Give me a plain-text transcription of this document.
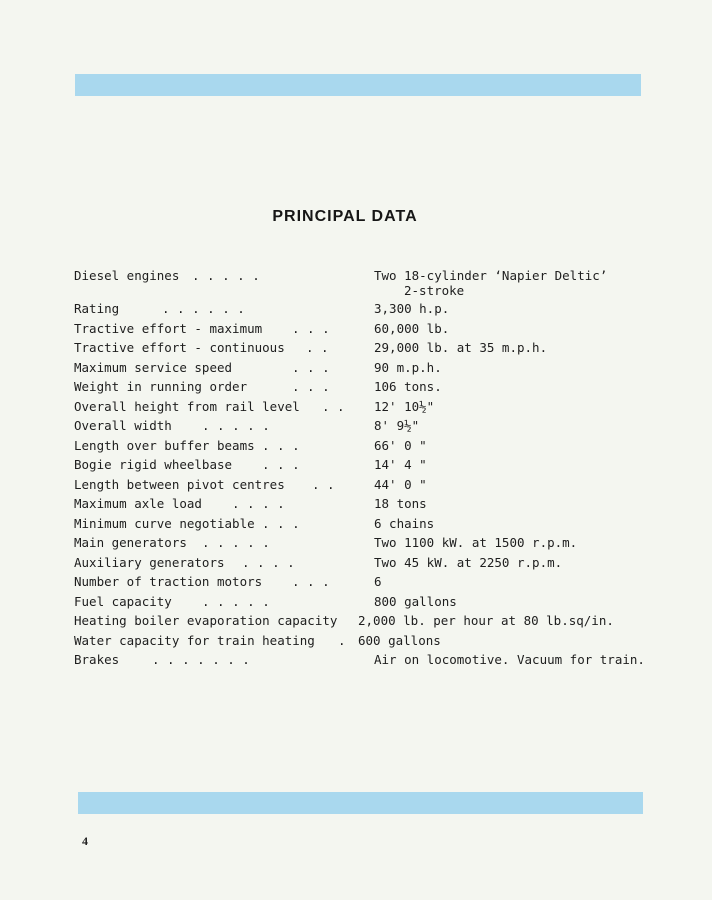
PRINCIPAL DATA
Diesel engines . . . . .	Two 18-cylinder ‘Napier Deltic’
2-stroke
Rating	. . . . . .	3,300 h.p.
Tractive effort - maximum . . .	60,000 lb.
Tractive effort - continuous . .	29,000 lb. at 35 m.p.h.
Maximum service speed	. . .	90 m.p.h.
Weight in running order	. . .	106 tons.
Overall height from rail level . . 12' 10½"
Overall width . . . . .	8' 9½"
Length over buffer beams . . .	66' 0 "
Bogie rigid wheelbase . . .	14' 4 "
Length between pivot centres . .	44' 0 "
Maximum axle load . . . .	18 tons
Minimum curve negotiable . . .	6 chains
Main generators . . . . .	Two 1100 kW. at 1500 r.p.m.
Auxiliary generators . . . .	Two 45 kW. at 2250 r.p.m.
Number of traction motors . . .	6
Fuel capacity . . . . .	800 gallons
Heating boiler evaporation capacity 2,000 lb. per hour at 80 lb.sq/in.
Water capacity for train heating . 600 gallons
Brakes	. . . . . . .	Air on locomotive. Vacuum for train.
4
